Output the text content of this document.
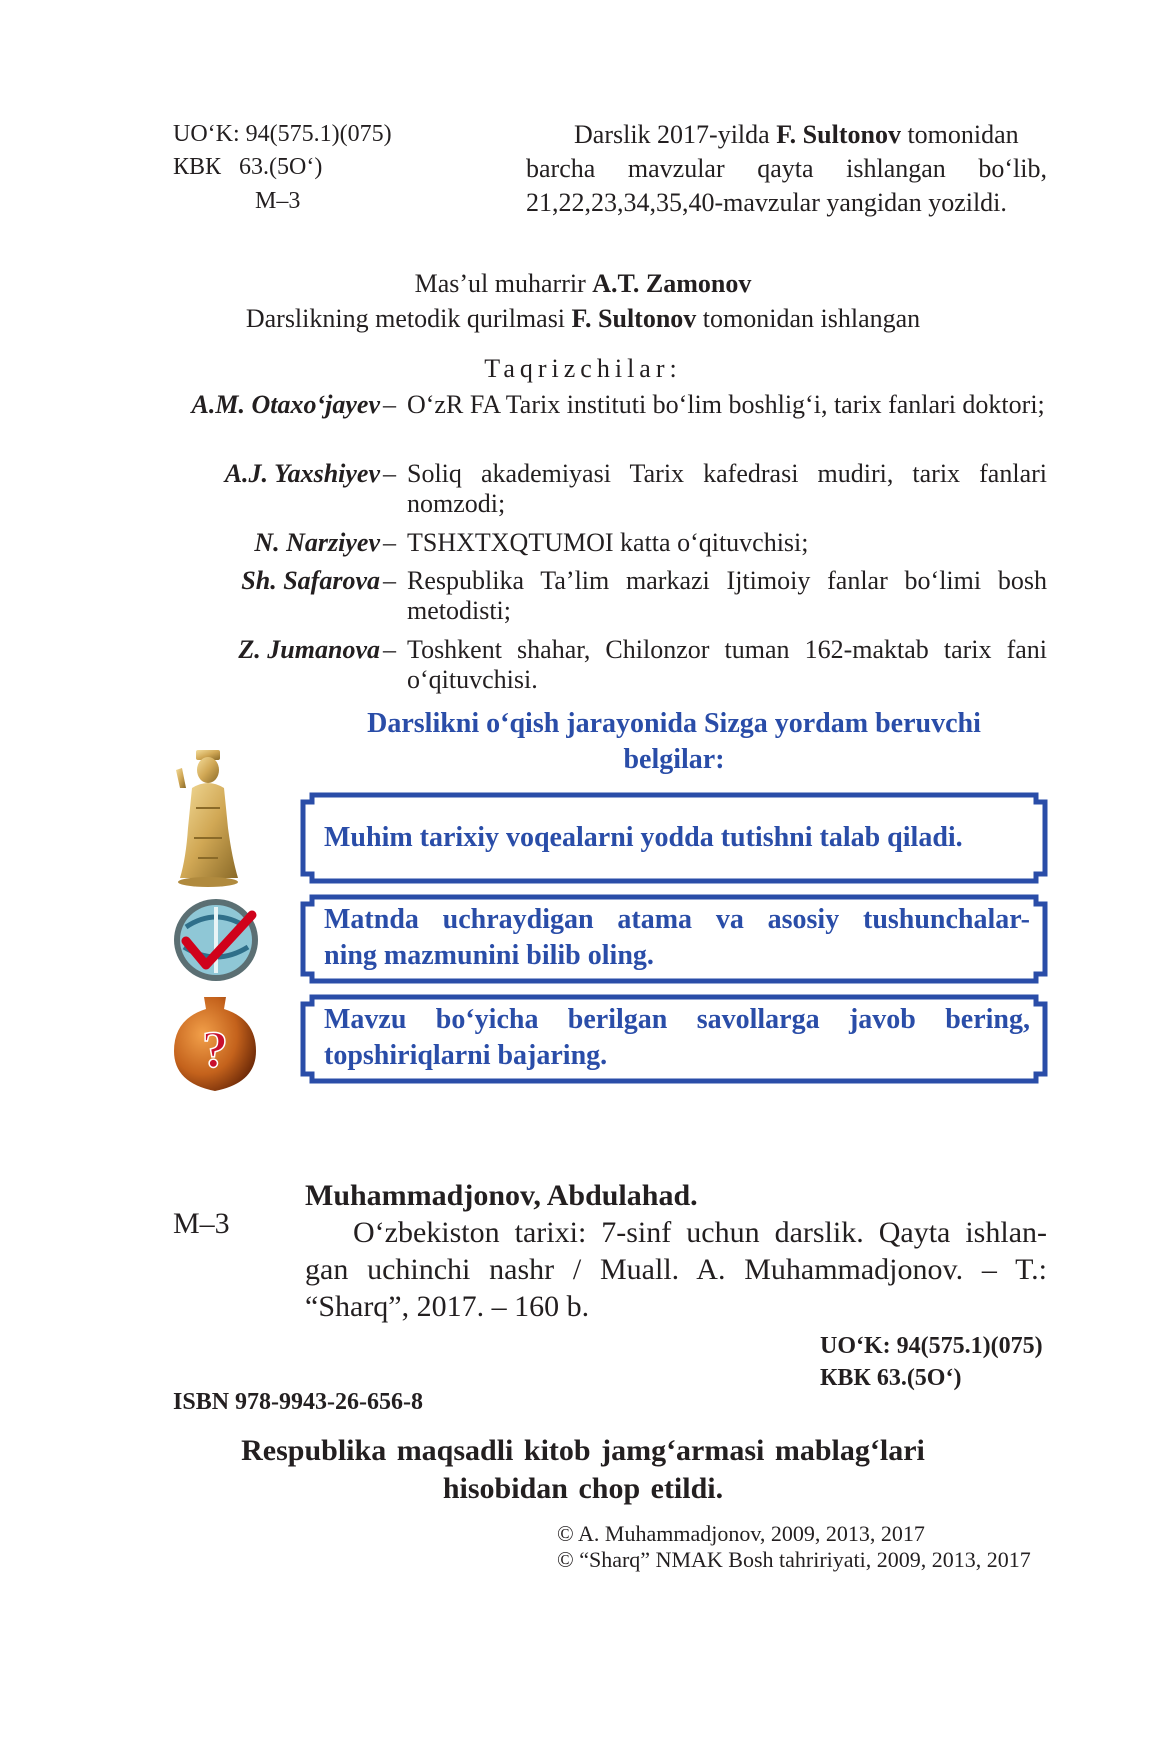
UO‘K: 94(575.1)(075)
КВК   63.(5O‘)
M–3
Darslik 2017-yilda F. Sultonov tomonidan
barcha mavzular qayta ishlangan bo‘lib,
21,22,23,34,35,40-mavzular yangidan yozildi.
Mas’ul muharrir A.T. Zamonov
Darslikning metodik qurilmasi F. Sultonov tomonidan ishlangan
Taqrizchilar:
A.M. Otaxo‘jayev – O‘zR FA Tarix instituti bo‘lim boshlig‘i, tarix fanlari doktori;
A.J. Yaxshiyev – Soliq akademiyasi Tarix kafedrasi mudiri, tarix fanlari nomzodi;
N. Narziyev – TSHXTXQTUMOI katta o‘qituvchisi;
Sh. Safarova – Respublika Ta’lim markazi Ijtimoiy fanlar bo‘limi bosh metodisti;
Z. Jumanova – Toshkent shahar, Chilonzor tuman 162-maktab tarix fani o‘qituvchisi.
Darslikni o‘qish jarayonida Sizga yordam beruvchi
belgilar:
?
Muhim tarixiy voqealarni yodda tutishni talab qiladi.
Matnda uchraydigan atama va asosiy tushunchalar-
ning mazmunini bilib oling.
Mavzu bo‘yicha berilgan savollarga javob bering,
topshiriqlarni bajaring.
M–3
Muhammadjonov, Abdulahad.
O‘zbekiston tarixi: 7-sinf uchun darslik. Qayta ishlan-
gan uchinchi nashr / Muall. A. Muhammadjonov. – T.:
“Sharq”, 2017. – 160 b.
UO‘K: 94(575.1)(075)
КВК 63.(5O‘)
ISBN 978-9943-26-656-8
Respublika maqsadli kitob jamg‘armasi mablag‘lari
hisobidan chop etildi.
© A. Muhammadjonov, 2009, 2013, 2017
© “Sharq” NMAK Bosh tahririyati, 2009, 2013, 2017
